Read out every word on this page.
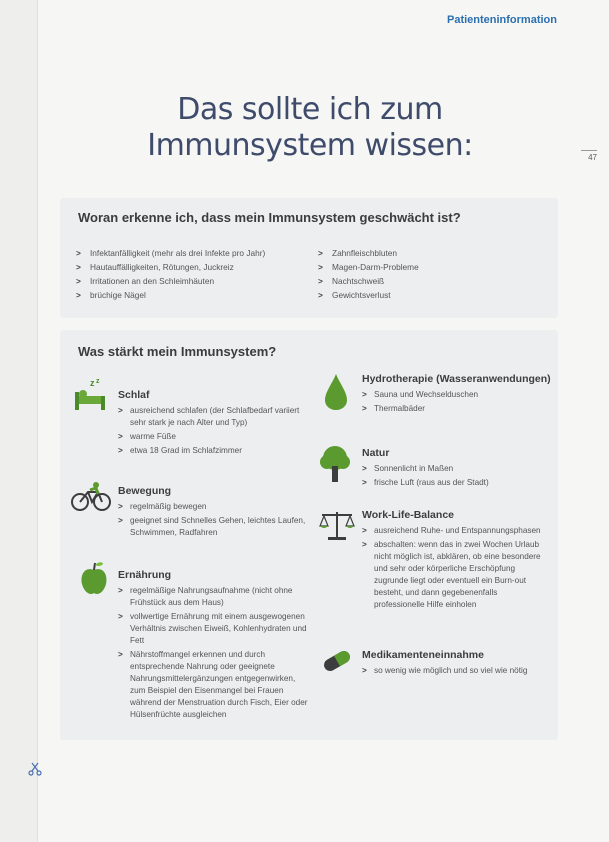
Patienteninformation
47
Das sollte ich zum
Immunsystem wissen:
Woran erkenne ich, dass mein Immunsystem geschwächt ist?
> Infektanfälligkeit (mehr als drei Infekte pro Jahr)
> Hautauffälligkeiten, Rötungen, Juckreiz
> Irritationen an den Schleimhäuten
> brüchige Nägel
> Zahnfleischbluten
> Magen-Darm-Probleme
> Nachtschweiß
> Gewichtsverlust
Was stärkt mein Immunsystem?
z z
Schlaf
> ausreichend schlafen (der Schlafbedarf variiert sehr stark je nach Alter und Typ)
> warme Füße
> etwa 18 Grad im Schlafzimmer
Bewegung
> regelmäßig bewegen
> geeignet sind Schnelles Gehen, leichtes Laufen, Schwimmen, Radfahren
Ernährung
> regelmäßige Nahrungsaufnahme (nicht ohne Frühstück aus dem Haus)
> vollwertige Ernährung mit einem ausgewogenen Verhältnis zwischen Eiweiß, Kohlenhydraten und Fett
> Nährstoffmangel erkennen und durch entsprechende Nahrung oder geeignete Nahrungsmittelergänzungen entgegenwirken, zum Beispiel den Eisenmangel bei Frauen während der Menstruation durch Fisch, Eier oder Hülsenfrüchte ausgleichen
Hydrotherapie (Wasseranwendungen)
> Sauna und Wechselduschen
> Thermalbäder
Natur
> Sonnenlicht in Maßen
> frische Luft (raus aus der Stadt)
Work-Life-Balance
> ausreichend Ruhe- und Entspannungsphasen
> abschalten: wenn das in zwei Wochen Urlaub nicht möglich ist, abklären, ob eine besondere und sehr oder körperliche Erschöpfung zugrunde liegt oder eventuell ein Burn-out besteht, und dann gegebenenfalls professionelle Hilfe einholen
Medikamenteneinnahme
> so wenig wie möglich und so viel wie nötig
